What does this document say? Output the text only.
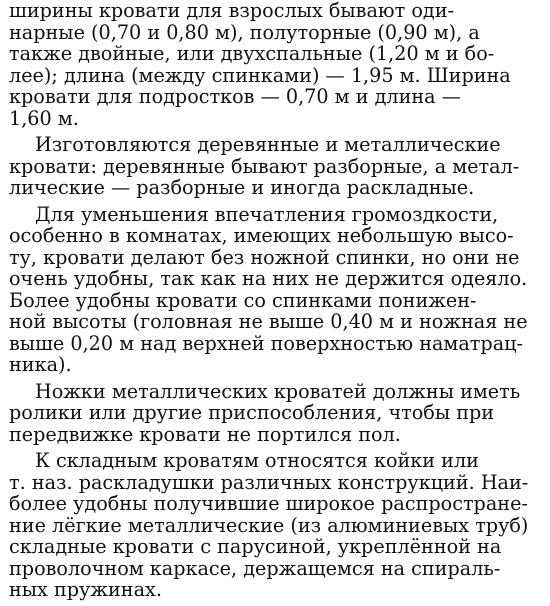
ширины кровати для взрослых бывают оди-
нарные (0,70 и 0,80 м), полуторные (0,90 м), а
также двойные, или двухспальные (1,20 м и бо-
лее); длина (между спинками) — 1,95 м. Ширина
кровати для подростков — 0,70 м и длина —
1,60 м.
Изготовляются деревянные и металлические
кровати: деревянные бывают разборные, а метал-
лические — разборные и иногда раскладные.
Для уменьшения впечатления громоздкости,
особенно в комнатах, имеющих небольшую высо-
ту, кровати делают без ножной спинки, но они не
очень удобны, так как на них не держится одеяло.
Более удобны кровати со спинками понижен-
ной высоты (головная не выше 0,40 м и ножная не
выше 0,20 м над верхней поверхностью наматрац-
ника).
Ножки металлических кроватей должны иметь
ролики или другие приспособления, чтобы при
передвижке кровати не портился пол.
К складным кроватям относятся койки или
т. наз. раскладушки различных конструкций. Наи-
более удобны получившие широкое распростране-
ние лёгкие металлические (из алюминиевых труб)
складные кровати с парусиной, укреплённой на
проволочном каркасе, держащемся на спираль-
ных пружинах.
